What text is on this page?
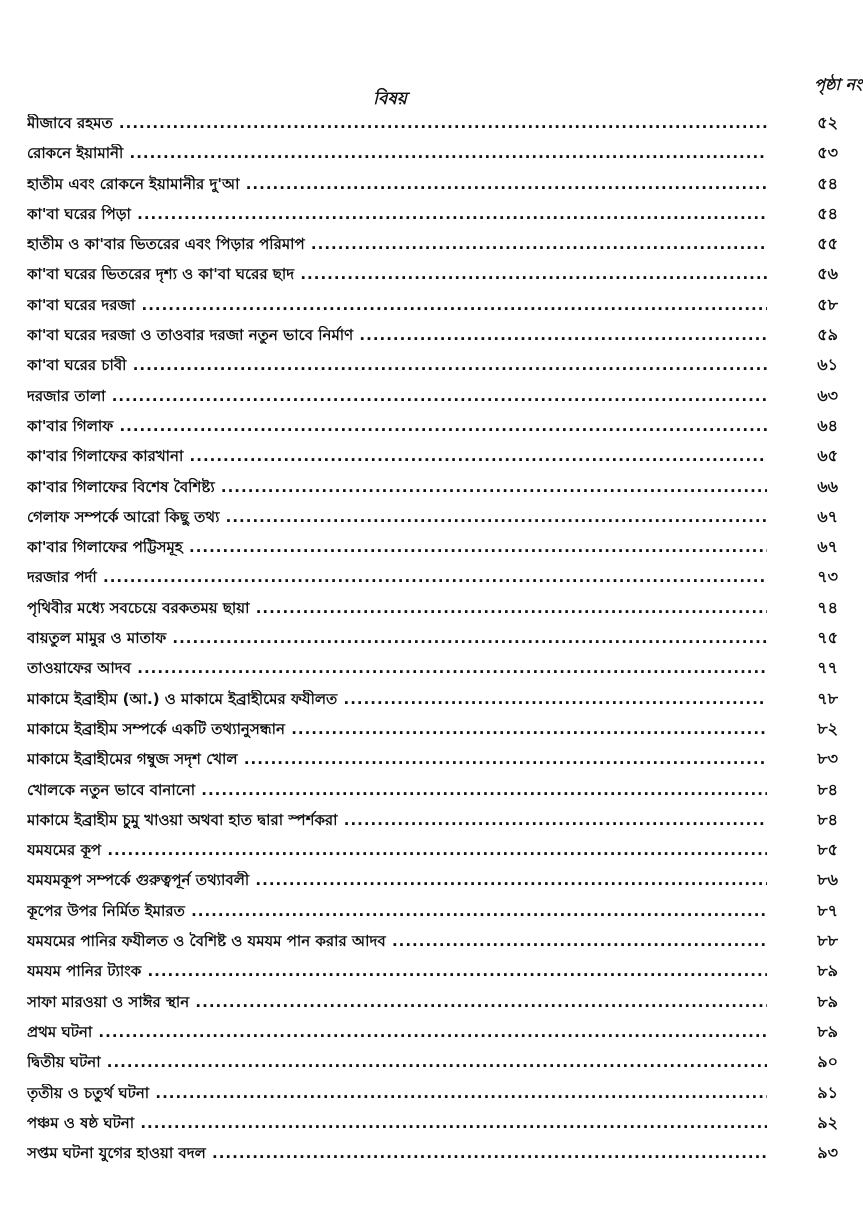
বিষয়
পৃষ্ঠা নং
মীজাবে রহমত .....	৫২
রোকনে ইয়ামানী .....	৫৩
হাতীম এবং রোকনে ইয়ামানীর দু'আ .....	৫৪
কা'বা ঘরের পিড়া .....	৫৪
হাতীম ও কা'বার ভিতরের এবং পিড়ার পরিমাপ .....	৫৫
কা'বা ঘরের ভিতরের দৃশ্য ও কা'বা ঘরের ছাদ .....	৫৬
কা'বা ঘরের দরজা .....	৫৮
কা'বা ঘরের দরজা ও তাওবার দরজা নতুন ভাবে নির্মাণ .....	৫৯
কা'বা ঘরের চাবী .....	৬১
দরজার তালা .....	৬৩
কা'বার গিলাফ .....	৬৪
কা'বার গিলাফের কারখানা .....	৬৫
কা'বার গিলাফের বিশেষ বৈশিষ্ট্য .....	৬৬
গেলাফ সম্পর্কে আরো কিছু তথ্য .....	৬৭
কা'বার গিলাফের পট্টিসমূহ .....	৬৭
দরজার পর্দা .....	৭৩
পৃথিবীর মধ্যে সবচেয়ে বরকতময় ছায়া .....	৭৪
বায়তুল মামুর ও মাতাফ .....	৭৫
তাওয়াফের আদব .....	৭৭
মাকামে ইব্রাহীম (আ.) ও মাকামে ইব্রাহীমের ফযীলত .....	৭৮
মাকামে ইব্রাহীম সম্পর্কে একটি তথ্যানুসন্ধান .....	৮২
মাকামে ইব্রাহীমের গম্বুজ সদৃশ খোল .....	৮৩
খোলকে নতুন ভাবে বানানো .....	৮৪
মাকামে ইব্রাহীম চুমু খাওয়া অথবা হাত দ্বারা স্পর্শকরা .....	৮৪
যমযমের কূপ .....	৮৫
যমযমকূপ সম্পর্কে গুরুত্বপূর্ন তথ্যাবলী .....	৮৬
কূপের উপর নির্মিত ইমারত .....	৮৭
যমযমের পানির ফযীলত ও বৈশিষ্ট ও যমযম পান করার আদব .....	৮৮
যমযম পানির ট্যাংক .....	৮৯
সাফা মারওয়া ও সাঈর স্থান .....	৮৯
প্রথম ঘটনা .....	৮৯
দ্বিতীয় ঘটনা .....	৯০
তৃতীয় ও চতুর্থ ঘটনা .....	৯১
পঞ্চম ও ষষ্ঠ ঘটনা .....	৯২
সপ্তম ঘটনা যুগের হাওয়া বদল .....	৯৩
